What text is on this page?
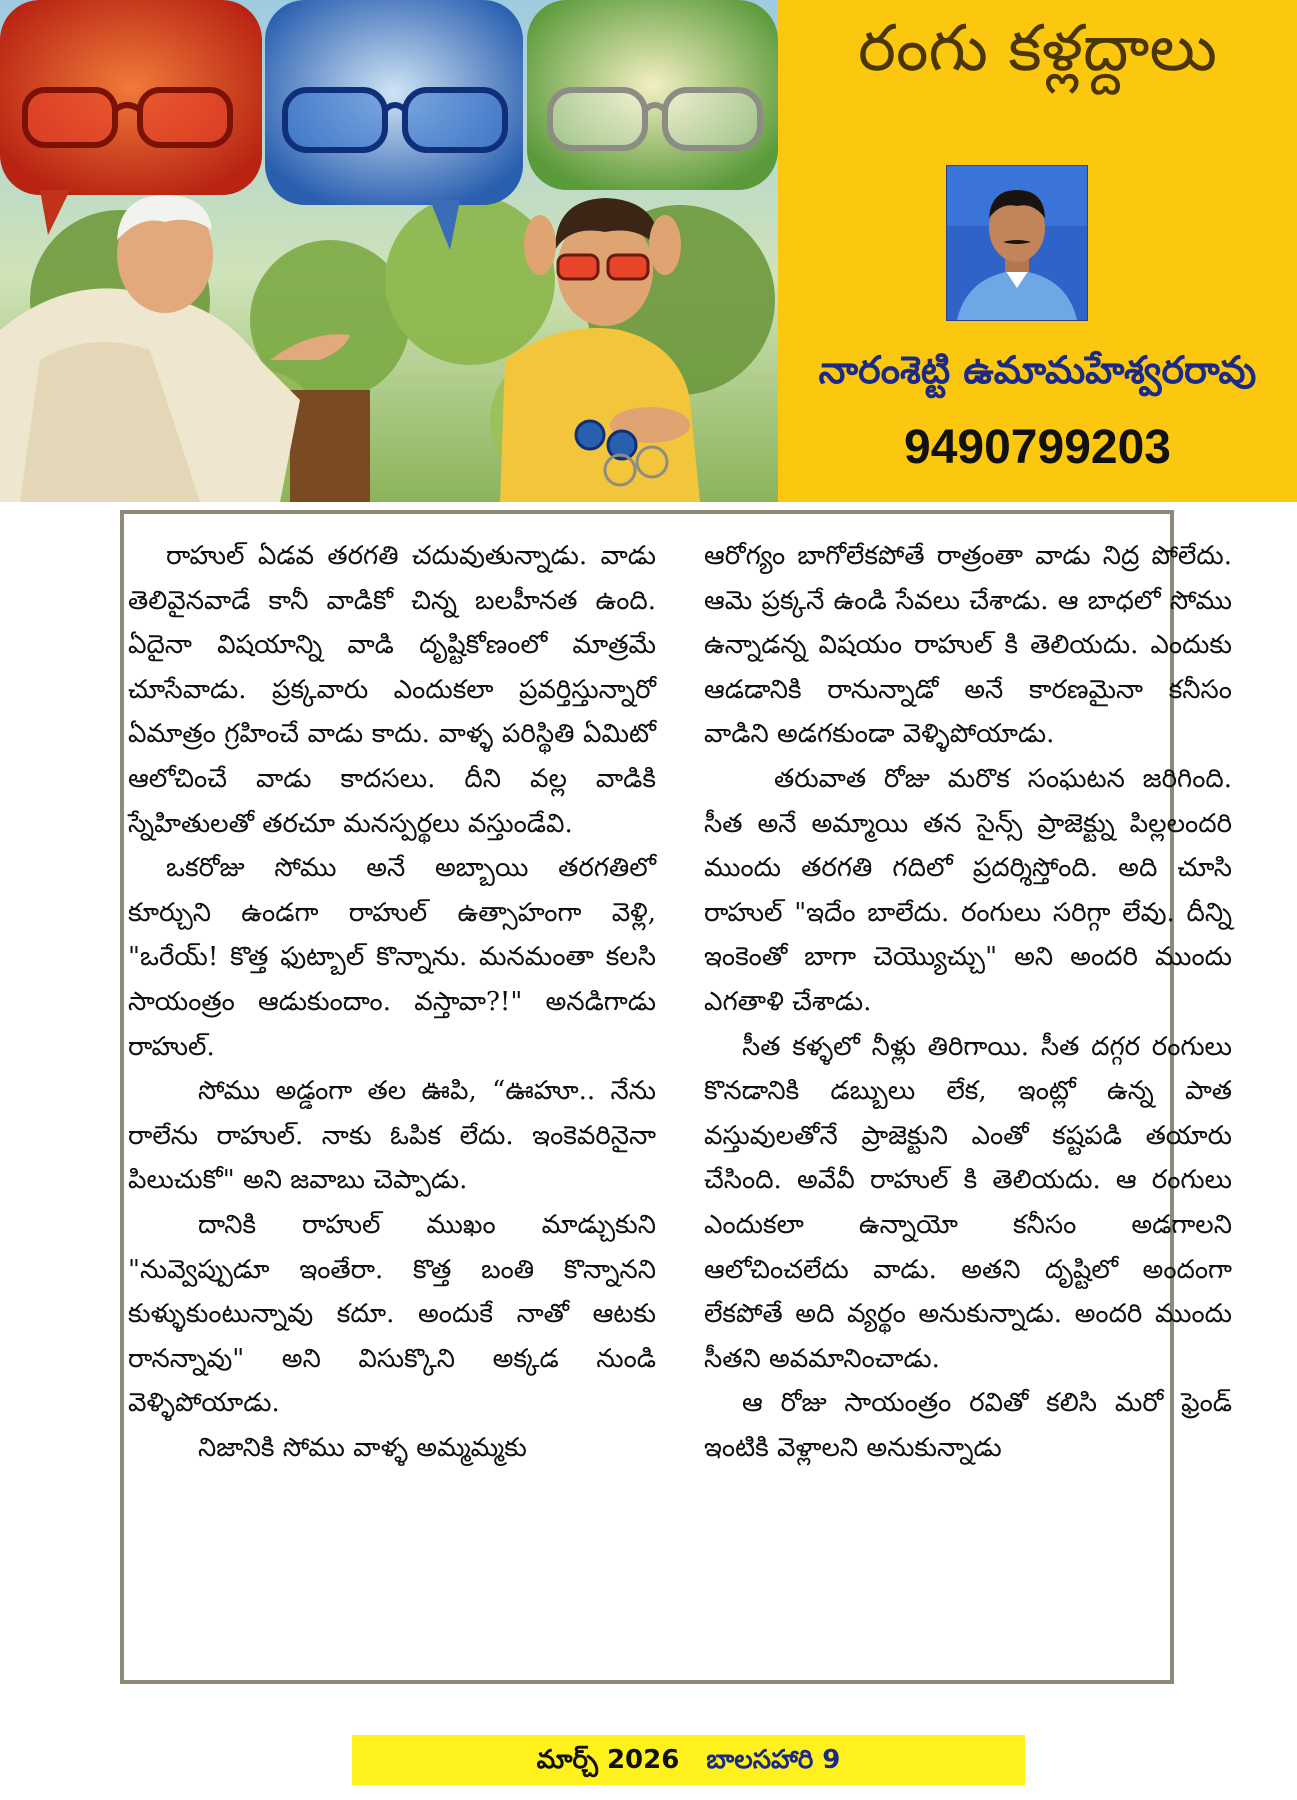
రంగు కళ్లద్దాలు
నారంశెట్టి ఉమామహేశ్వరరావు
9490799203

రాహుల్ ఏడవ తరగతి చదువుతున్నాడు. వాడు తెలివైనవాడే కానీ వాడికో చిన్న బలహీనత ఉంది. ఏదైనా విషయాన్ని వాడి దృష్టికోణంలో మాత్రమే చూసేవాడు. ప్రక్కవారు ఎందుకలా ప్రవర్తిస్తున్నారో ఏమాత్రం గ్రహించే వాడు కాదు. వాళ్ళ పరిస్థితి ఏమిటో ఆలోచించే వాడు కాదసలు. దీని వల్ల వాడికి స్నేహితులతో తరచూ మనస్పర్థలు వస్తుండేవి.

ఒకరోజు సోము అనే అబ్బాయి తరగతిలో కూర్చుని ఉండగా రాహుల్ ఉత్సాహంగా వెళ్లి, "ఒరేయ్! కొత్త ఫుట్బాల్ కొన్నాను. మనమంతా కలసి సాయంత్రం ఆడుకుందాం. వస్తావా?!" అనడిగాడు రాహుల్.

సోము అడ్డంగా తల ఊపి, “ఊహూ.. నేను రాలేను రాహుల్. నాకు ఓపిక లేదు. ఇంకెవరినైనా పిలుచుకో" అని జవాబు చెప్పాడు.

దానికి రాహుల్ ముఖం మాడ్చుకుని "నువ్వెప్పుడూ ఇంతేరా. కొత్త బంతి కొన్నానని కుళ్ళుకుంటున్నావు కదూ. అందుకే నాతో ఆటకు రానన్నావు" అని విసుక్కొని అక్కడ నుండి వెళ్ళిపోయాడు.

నిజానికి సోము వాళ్ళ అమ్మమ్మకు

ఆరోగ్యం బాగోలేకపోతే రాత్రంతా వాడు నిద్ర పోలేదు. ఆమె ప్రక్కనే ఉండి సేవలు చేశాడు. ఆ బాధలో సోము ఉన్నాడన్న విషయం రాహుల్ కి తెలియదు. ఎందుకు ఆడడానికి రానున్నాడో అనే కారణమైనా కనీసం వాడిని అడగకుండా వెళ్ళిపోయాడు.

తరువాత రోజు మరొక సంఘటన జరిగింది. సీత అనే అమ్మాయి తన సైన్స్ ప్రాజెక్ట్ను పిల్లలందరి ముందు తరగతి గదిలో ప్రదర్శిస్తోంది. అది చూసి రాహుల్ "ఇదేం బాలేదు. రంగులు సరిగ్గా లేవు. దీన్ని ఇంకెంతో బాగా చెయ్యొచ్చు" అని అందరి ముందు ఎగతాళి చేశాడు.

సీత కళ్ళలో నీళ్లు తిరిగాయి. సీత దగ్గర రంగులు కొనడానికి డబ్బులు లేక, ఇంట్లో ఉన్న పాత వస్తువులతోనే ప్రాజెక్టుని ఎంతో కష్టపడి తయారు చేసింది. అవేవీ రాహుల్ కి తెలియదు. ఆ రంగులు ఎందుకలా ఉన్నాయో కనీసం అడగాలని ఆలోచించలేదు వాడు. అతని దృష్టిలో అందంగా లేకపోతే అది వ్యర్థం అనుకున్నాడు. అందరి ముందు సీతని అవమానించాడు.

ఆ రోజు సాయంత్రం రవితో కలిసి మరో ఫ్రెండ్ ఇంటికి వెళ్లాలని అనుకున్నాడు

మార్చ్ 2026 బాలసహారి 9
